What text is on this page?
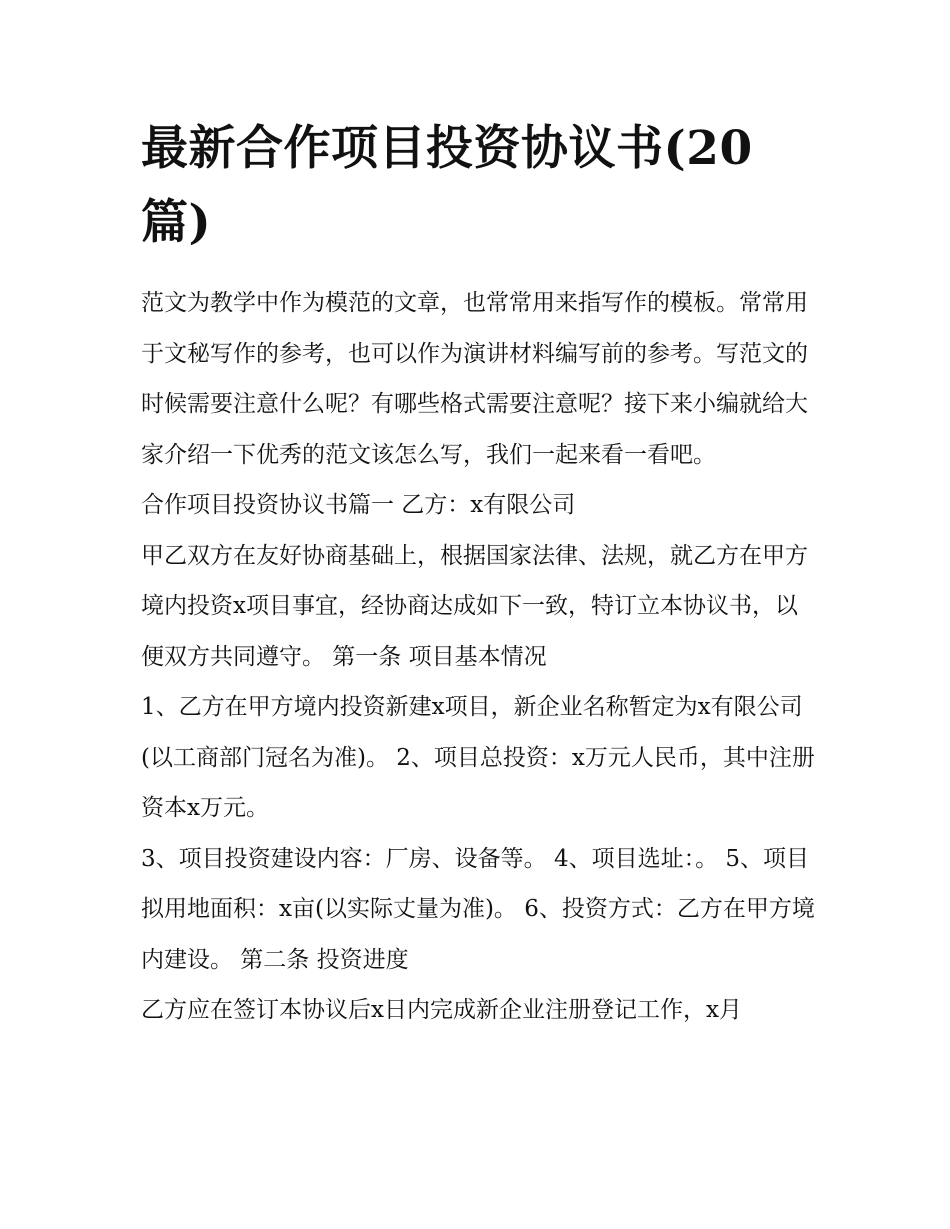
最新合作项目投资协议书(20篇)

范文为教学中作为模范的文章，也常常用来指写作的模板。常常用于文秘写作的参考，也可以作为演讲材料编写前的参考。写范文的时候需要注意什么呢？有哪些格式需要注意呢？接下来小编就给大家介绍一下优秀的范文该怎么写，我们一起来看一看吧。

合作项目投资协议书篇一 乙方：x有限公司

甲乙双方在友好协商基础上，根据国家法律、法规，就乙方在甲方境内投资x项目事宜，经协商达成如下一致，特订立本协议书，以便双方共同遵守。 第一条 项目基本情况

1、乙方在甲方境内投资新建x项目，新企业名称暂定为x有限公司(以工商部门冠名为准)。 2、项目总投资：x万元人民币，其中注册资本x万元。

3、项目投资建设内容：厂房、设备等。 4、项目选址：。 5、项目拟用地面积：x亩(以实际丈量为准)。 6、投资方式：乙方在甲方境内建设。 第二条 投资进度

乙方应在签订本协议后x日内完成新企业注册登记工作，x月
